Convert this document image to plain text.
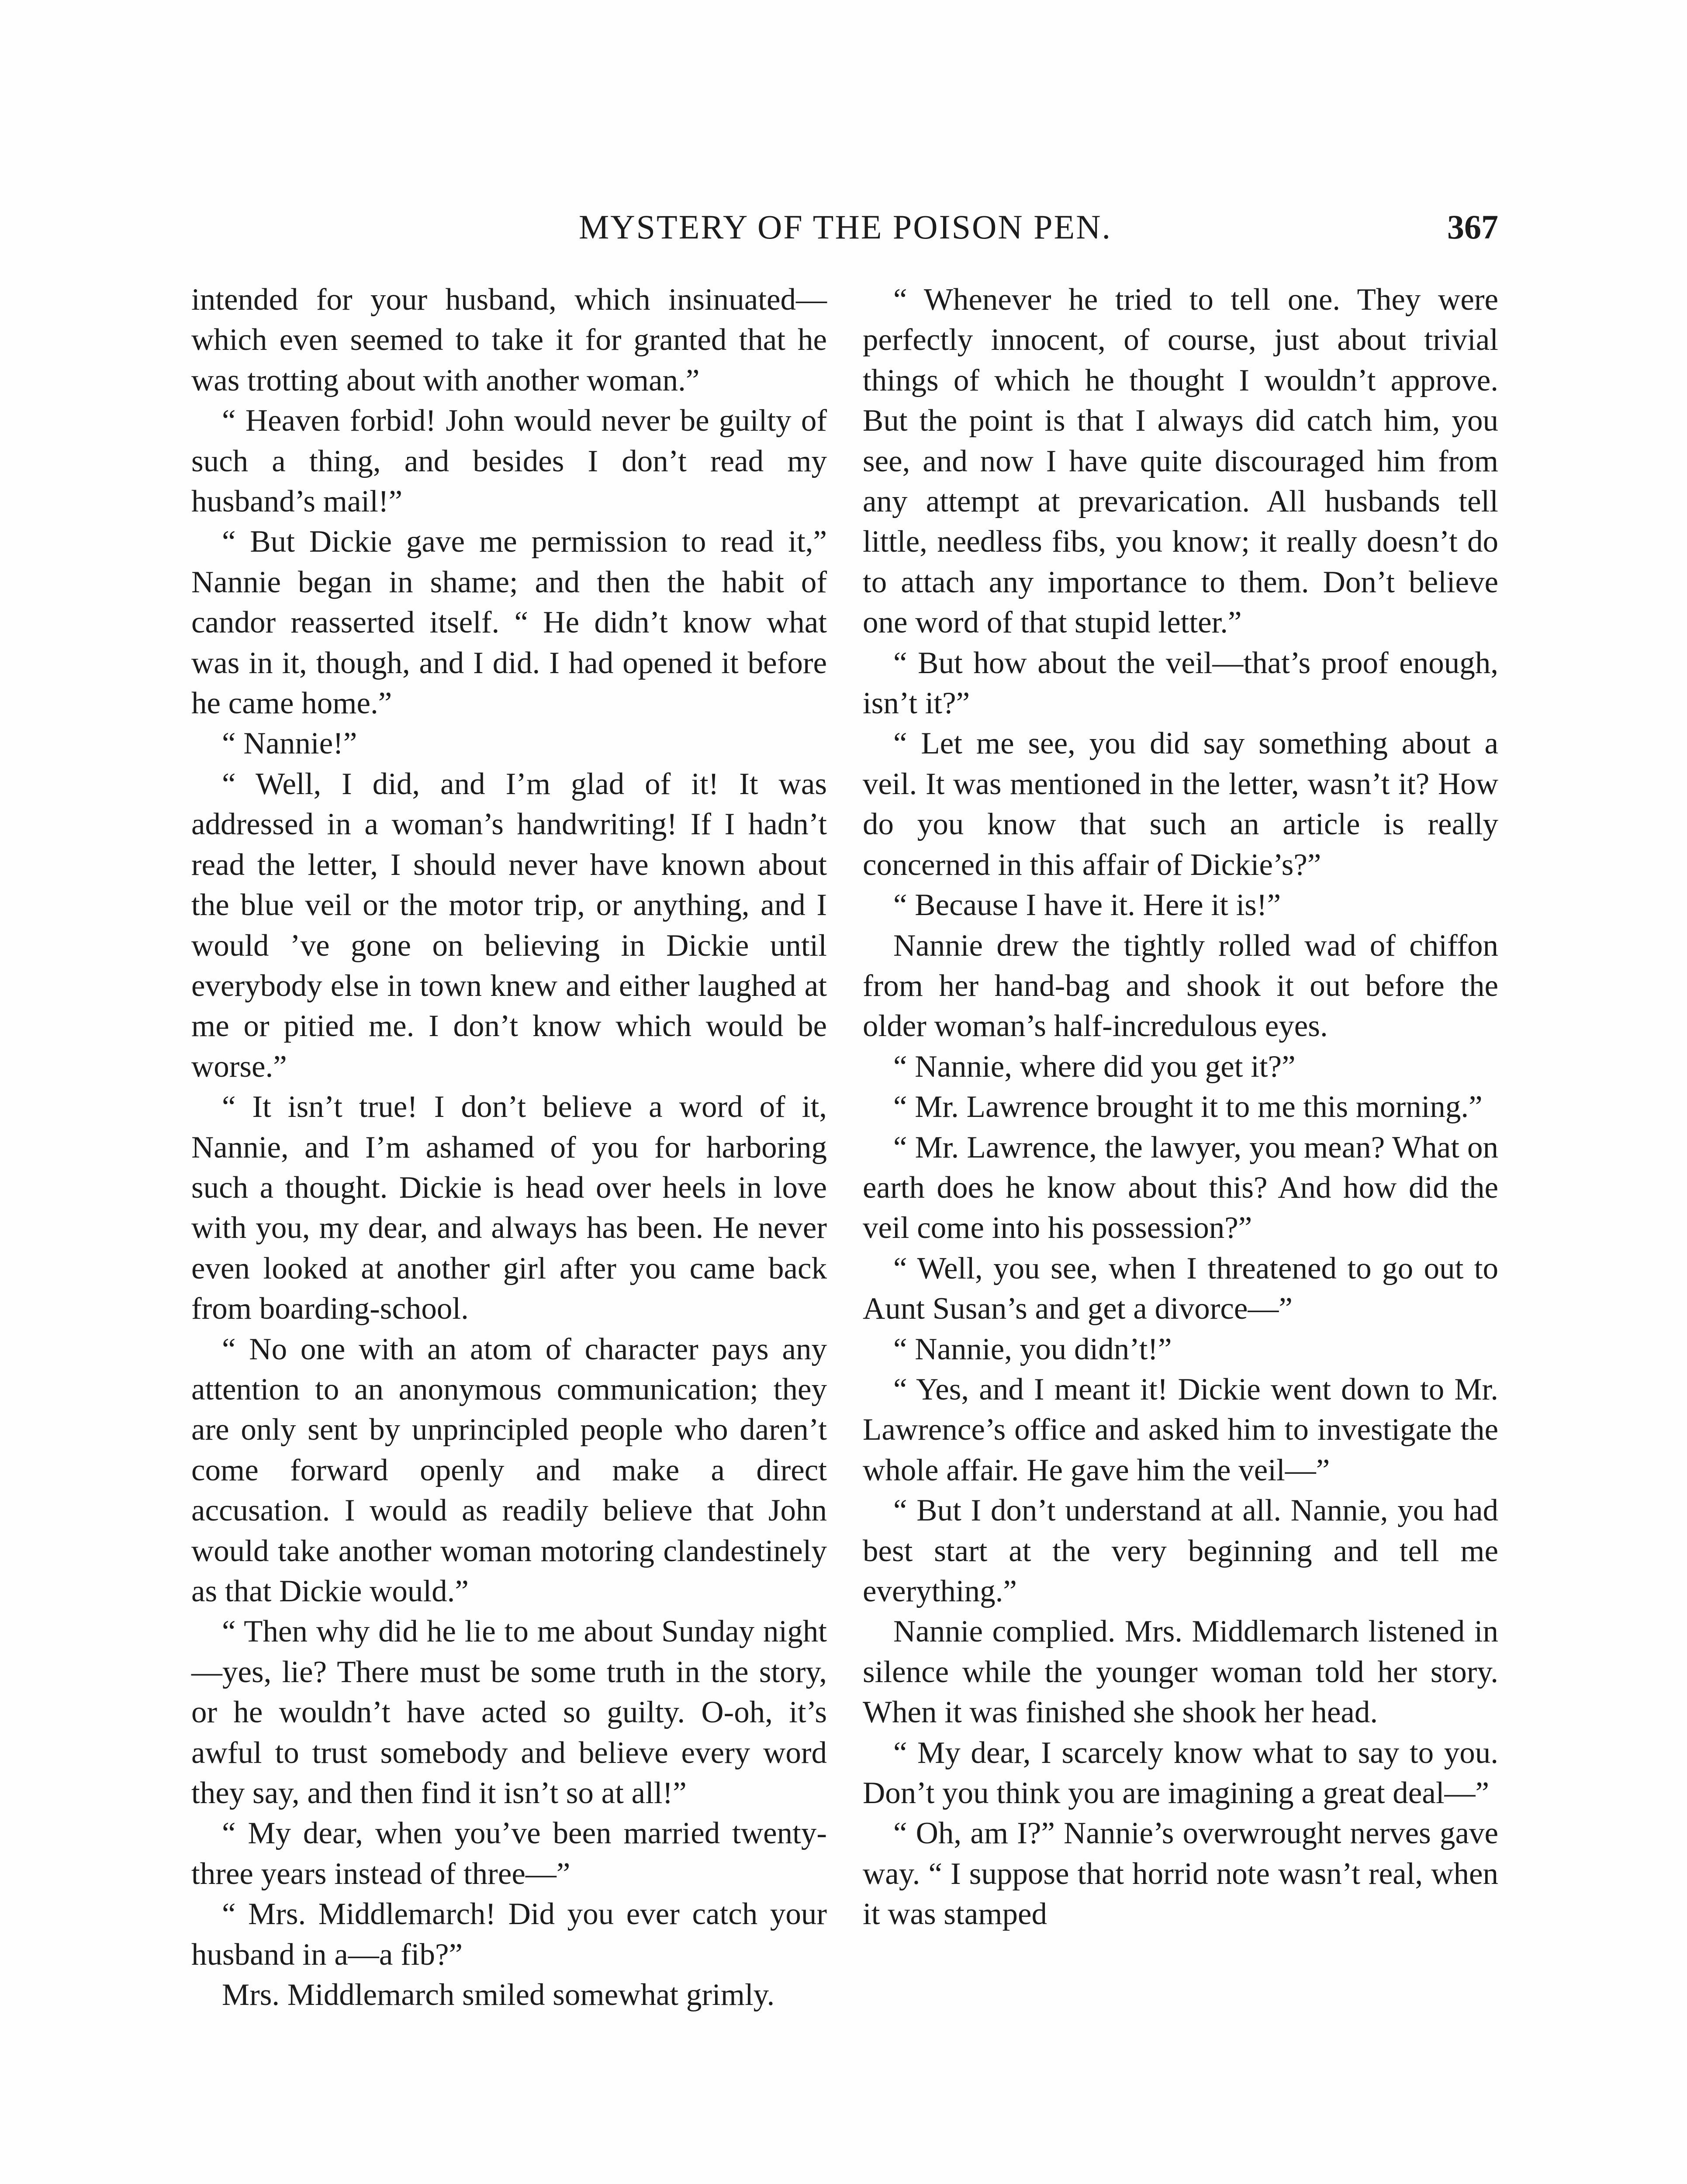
MYSTERY OF THE POISON PEN.	367

intended for your husband, which insinuated—which even seemed to take it for granted that he was trotting about with another woman.”

“ Heaven forbid! John would never be guilty of such a thing, and besides I don’t read my husband’s mail!”

“ But Dickie gave me permission to read it,” Nannie began in shame; and then the habit of candor reasserted itself. “ He didn’t know what was in it, though, and I did. I had opened it before he came home.”

“ Nannie!”

“ Well, I did, and I’m glad of it! It was addressed in a woman’s handwriting! If I hadn’t read the letter, I should never have known about the blue veil or the motor trip, or anything, and I would ’ve gone on believing in Dickie until everybody else in town knew and either laughed at me or pitied me. I don’t know which would be worse.”

“ It isn’t true! I don’t believe a word of it, Nannie, and I’m ashamed of you for harboring such a thought. Dickie is head over heels in love with you, my dear, and always has been. He never even looked at another girl after you came back from boarding-school.

“ No one with an atom of character pays any attention to an anonymous communication; they are only sent by unprincipled people who daren’t come forward openly and make a direct accusation. I would as readily believe that John would take another woman motoring clandestinely as that Dickie would.”

“ Then why did he lie to me about Sunday night—yes, lie? There must be some truth in the story, or he wouldn’t have acted so guilty. O-oh, it’s awful to trust somebody and believe every word they say, and then find it isn’t so at all!”

“ My dear, when you’ve been married twenty-three years instead of three—”

“ Mrs. Middlemarch! Did you ever catch your husband in a—a fib?”

Mrs. Middlemarch smiled somewhat grimly.

“ Whenever he tried to tell one. They were perfectly innocent, of course, just about trivial things of which he thought I wouldn’t approve. But the point is that I always did catch him, you see, and now I have quite discouraged him from any attempt at prevarication. All husbands tell little, needless fibs, you know; it really doesn’t do to attach any importance to them. Don’t believe one word of that stupid letter.”

“ But how about the veil—that’s proof enough, isn’t it?”

“ Let me see, you did say something about a veil. It was mentioned in the letter, wasn’t it? How do you know that such an article is really concerned in this affair of Dickie’s?”

“ Because I have it. Here it is!”

Nannie drew the tightly rolled wad of chiffon from her hand-bag and shook it out before the older woman’s half-incredulous eyes.

“ Nannie, where did you get it?”

“ Mr. Lawrence brought it to me this morning.”

“ Mr. Lawrence, the lawyer, you mean? What on earth does he know about this? And how did the veil come into his possession?”

“ Well, you see, when I threatened to go out to Aunt Susan’s and get a divorce—”

“ Nannie, you didn’t!”

“ Yes, and I meant it! Dickie went down to Mr. Lawrence’s office and asked him to investigate the whole affair. He gave him the veil—”

“ But I don’t understand at all. Nannie, you had best start at the very beginning and tell me everything.”

Nannie complied. Mrs. Middlemarch listened in silence while the younger woman told her story. When it was finished she shook her head.

“ My dear, I scarcely know what to say to you. Don’t you think you are imagining a great deal—”

“ Oh, am I?” Nannie’s overwrought nerves gave way. “ I suppose that horrid note wasn’t real, when it was stamped
